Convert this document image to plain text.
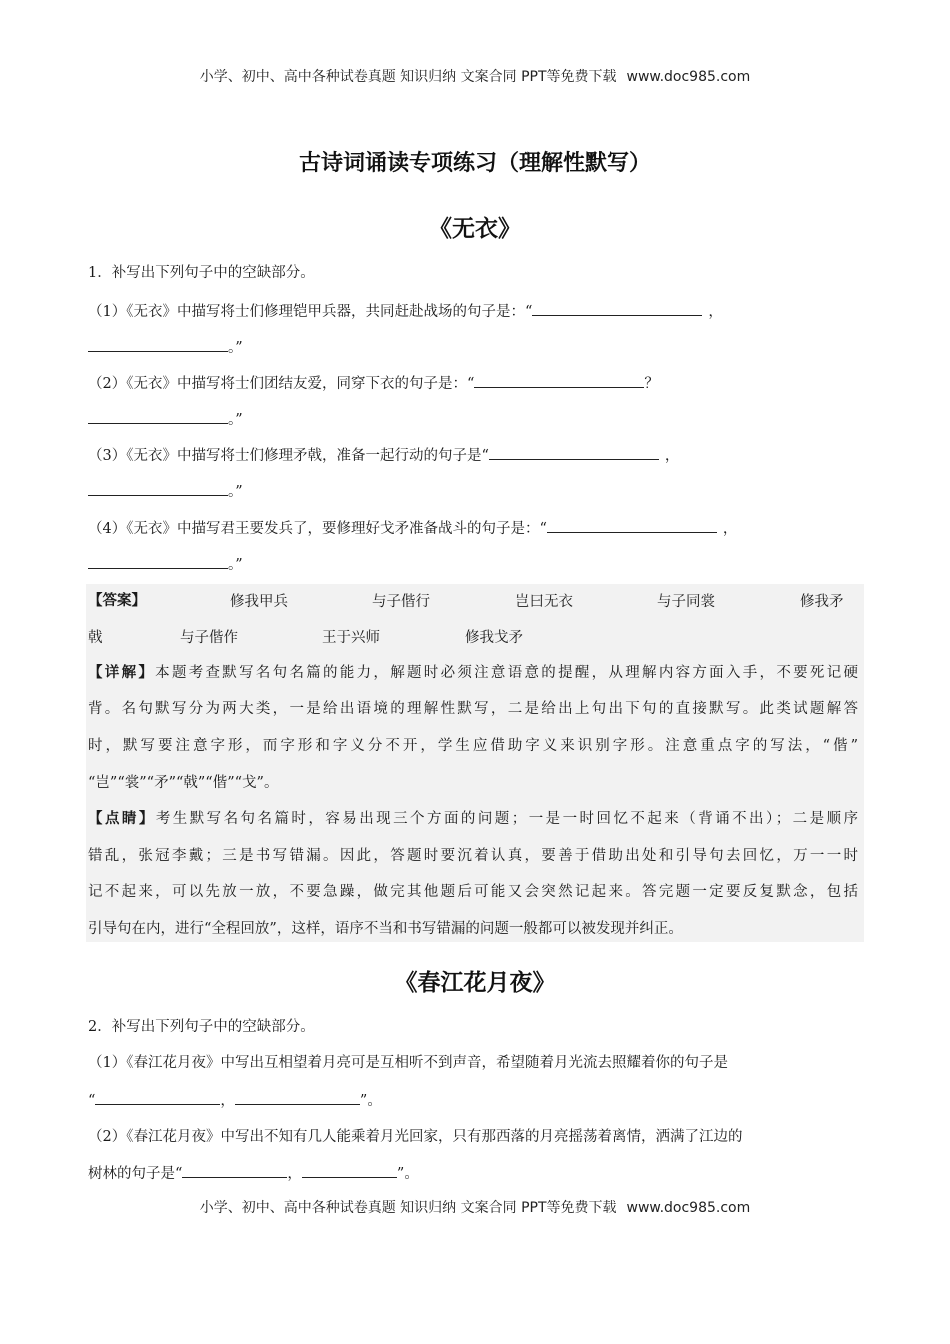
小学、初中、高中各种试卷真题 知识归纳 文案合同 PPT等免费下载 www.doc985.com
古诗词诵读专项练习（理解性默写）
《无衣》
1．补写出下列句子中的空缺部分。
（1）《无衣》中描写将士们修理铠甲兵器，共同赶赴战场的句子是：“	，
。”
（2）《无衣》中描写将士们团结友爱，同穿下衣的句子是：“	？
。”
（3）《无衣》中描写将士们修理矛戟，准备一起行动的句子是“	，
。”
（4）《无衣》中描写君王要发兵了，要修理好戈矛准备战斗的句子是：“	，
。”
【答案】	修我甲兵	与子偕行	岂曰无衣	与子同裳	修我矛
戟	与子偕作	王于兴师	修我戈矛
【详解】本题考查默写名句名篇的能力，解题时必须注意语意的提醒，从理解内容方面入手，不要死记硬
背。名句默写分为两大类，一是给出语境的理解性默写，二是给出上句出下句的直接默写。此类试题解答
时，默写要注意字形，而字形和字义分不开，学生应借助字义来识别字形。注意重点字的写法，“偕”
“岂”“裳”“矛”“戟”“偕”“戈”。
【点睛】考生默写名句名篇时，容易出现三个方面的问题；一是一时回忆不起来（背诵不出）；二是顺序
错乱，张冠李戴；三是书写错漏。因此，答题时要沉着认真，要善于借助出处和引导句去回忆，万一一时
记不起来，可以先放一放，不要急躁，做完其他题后可能又会突然记起来。答完题一定要反复默念，包括
引导句在内，进行“全程回放”，这样，语序不当和书写错漏的问题一般都可以被发现并纠正。
《春江花月夜》
2．补写出下列句子中的空缺部分。
（1）《春江花月夜》中写出互相望着月亮可是互相听不到声音，希望随着月光流去照耀着你的句子是
“	，	”。
（2）《春江花月夜》中写出不知有几人能乘着月光回家，只有那西落的月亮摇荡着离情，洒满了江边的
树林的句子是“	，	”。
小学、初中、高中各种试卷真题 知识归纳 文案合同 PPT等免费下载 www.doc985.com
